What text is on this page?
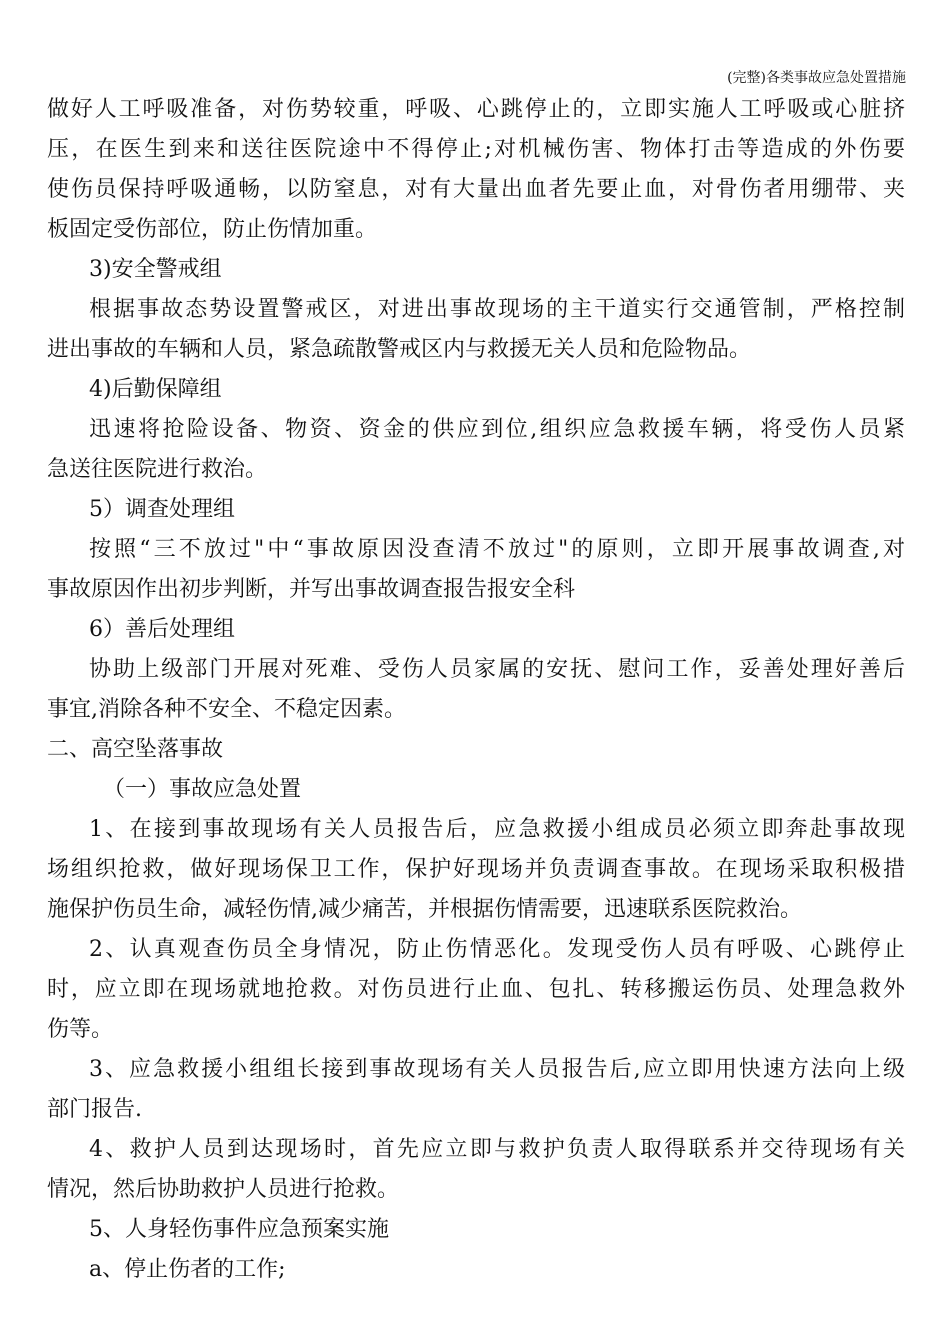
(完整)各类事故应急处置措施
做好人工呼吸准备，对伤势较重，呼吸、心跳停止的，立即实施人工呼吸或心脏挤
压，在医生到来和送往医院途中不得停止;对机械伤害、物体打击等造成的外伤要
使伤员保持呼吸通畅，以防窒息，对有大量出血者先要止血，对骨伤者用绷带、夹
板固定受伤部位，防止伤情加重。
3)安全警戒组
根据事故态势设置警戒区，对进出事故现场的主干道实行交通管制，严格控制
进出事故的车辆和人员，紧急疏散警戒区内与救援无关人员和危险物品。
4)后勤保障组
迅速将抢险设备、物资、资金的供应到位,组织应急救援车辆，将受伤人员紧
急送往医院进行救治。
5）调查处理组
按照“三不放过"中“事故原因没查清不放过"的原则，立即开展事故调查,对
事故原因作出初步判断，并写出事故调查报告报安全科
6）善后处理组
协助上级部门开展对死难、受伤人员家属的安抚、慰问工作，妥善处理好善后
事宜,消除各种不安全、不稳定因素。
二、高空坠落事故
（一）事故应急处置
1、在接到事故现场有关人员报告后，应急救援小组成员必须立即奔赴事故现
场组织抢救，做好现场保卫工作，保护好现场并负责调查事故。在现场采取积极措
施保护伤员生命，减轻伤情,减少痛苦，并根据伤情需要，迅速联系医院救治。
2、认真观查伤员全身情况，防止伤情恶化。发现受伤人员有呼吸、心跳停止
时，应立即在现场就地抢救。对伤员进行止血、包扎、转移搬运伤员、处理急救外
伤等。
3、应急救援小组组长接到事故现场有关人员报告后,应立即用快速方法向上级
部门报告.
4、救护人员到达现场时，首先应立即与救护负责人取得联系并交待现场有关
情况，然后协助救护人员进行抢救。
5、人身轻伤事件应急预案实施
a、停止伤者的工作;
